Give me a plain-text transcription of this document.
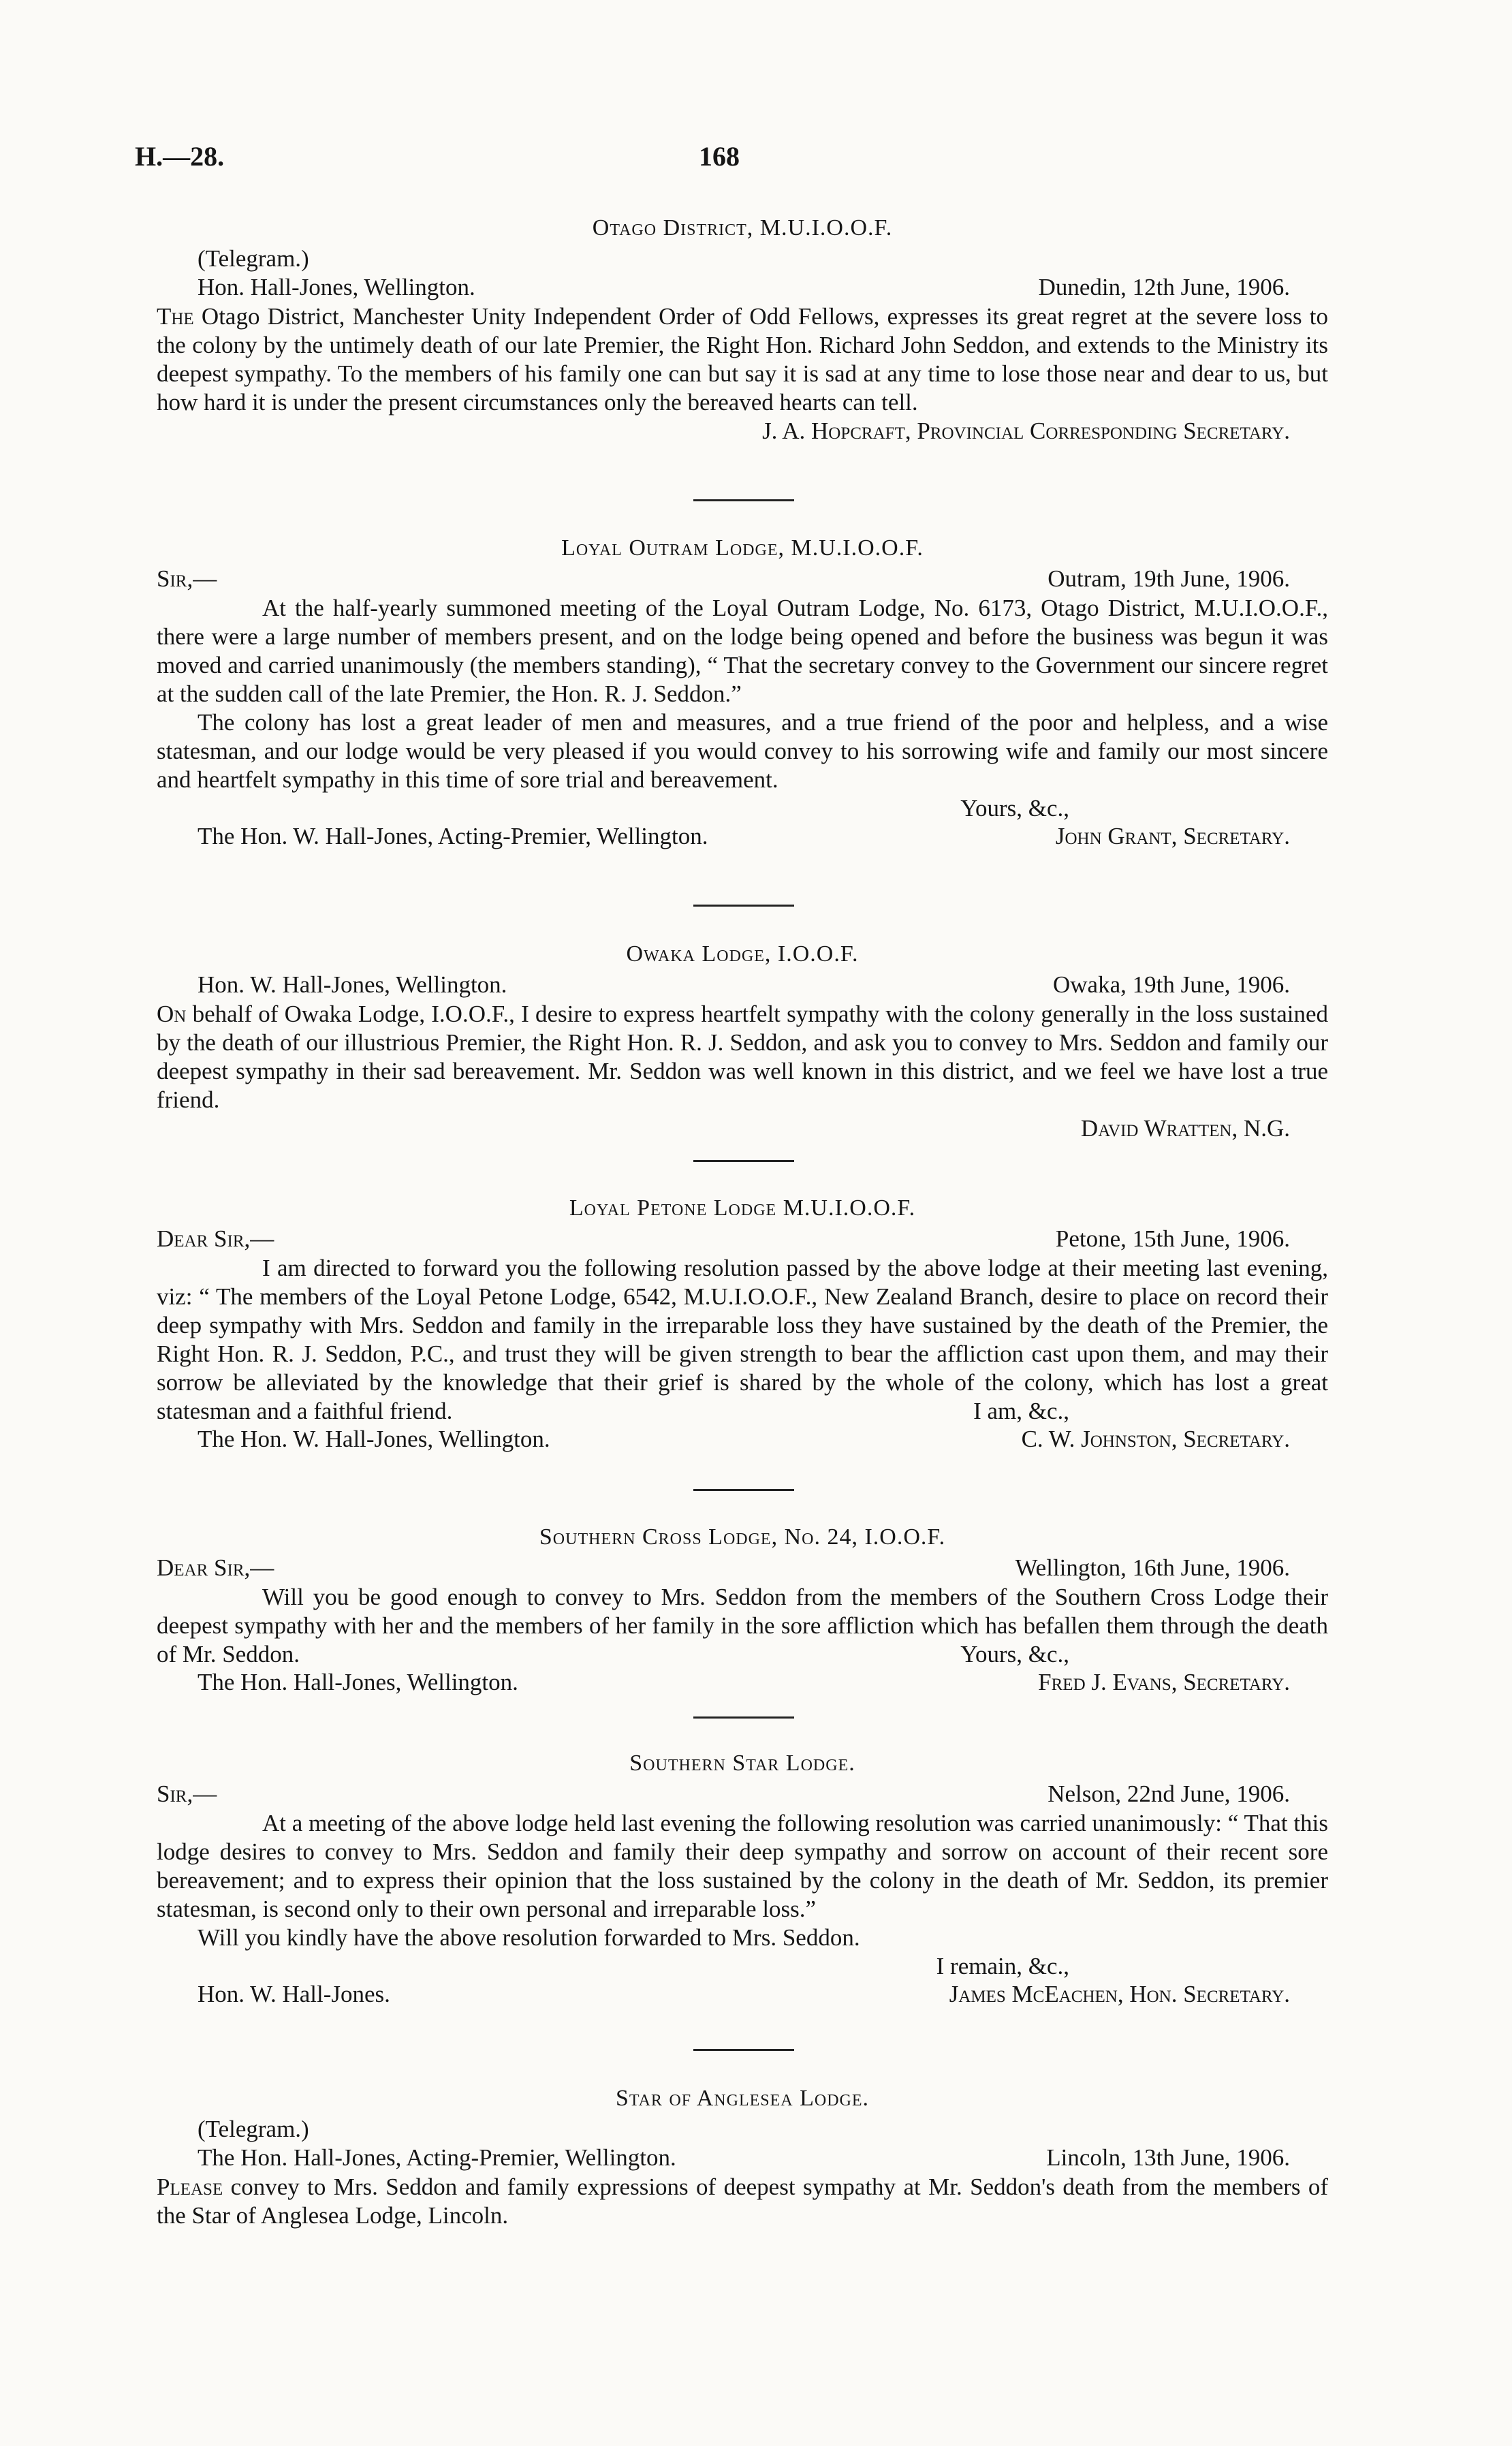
H.—28.	168
Otago District, M.U.I.O.O.F.
(Telegram.)
Hon. Hall-Jones, Wellington.	Dunedin, 12th June, 1906.
The Otago District, Manchester Unity Independent Order of Odd Fellows, expresses its great regret at the severe loss to the colony by the untimely death of our late Premier, the Right Hon. Richard John Seddon, and extends to the Ministry its deepest sympathy. To the members of his family one can but say it is sad at any time to lose those near and dear to us, but how hard it is under the present circumstances only the bereaved hearts can tell.
J. A. Hopcraft, Provincial Corresponding Secretary.
Loyal Outram Lodge, M.U.I.O.O.F.
Sir,—	Outram, 19th June, 1906.
At the half-yearly summoned meeting of the Loyal Outram Lodge, No. 6173, Otago District, M.U.I.O.O.F., there were a large number of members present, and on the lodge being opened and before the business was begun it was moved and carried unanimously (the members standing), “ That the secretary convey to the Government our sincere regret at the sudden call of the late Premier, the Hon. R. J. Seddon.”
The colony has lost a great leader of men and measures, and a true friend of the poor and helpless, and a wise statesman, and our lodge would be very pleased if you would convey to his sorrowing wife and family our most sincere and heartfelt sympathy in this time of sore trial and bereavement.
Yours, &c.,
The Hon. W. Hall-Jones, Acting-Premier, Wellington.	John Grant, Secretary.
Owaka Lodge, I.O.O.F.
Hon. W. Hall-Jones, Wellington.	Owaka, 19th June, 1906.
On behalf of Owaka Lodge, I.O.O.F., I desire to express heartfelt sympathy with the colony generally in the loss sustained by the death of our illustrious Premier, the Right Hon. R. J. Seddon, and ask you to convey to Mrs. Seddon and family our deepest sympathy in their sad bereavement. Mr. Seddon was well known in this district, and we feel we have lost a true friend.
David Wratten, N.G.
Loyal Petone Lodge M.U.I.O.O.F.
Dear Sir,—	Petone, 15th June, 1906.
I am directed to forward you the following resolution passed by the above lodge at their meeting last evening, viz: “ The members of the Loyal Petone Lodge, 6542, M.U.I.O.O.F., New Zealand Branch, desire to place on record their deep sympathy with Mrs. Seddon and family in the irreparable loss they have sustained by the death of the Premier, the Right Hon. R. J. Seddon, P.C., and trust they will be given strength to bear the affliction cast upon them, and may their sorrow be alleviated by the knowledge that their grief is shared by the whole of the colony, which has lost a great statesman and a faithful friend.	I am, &c.,
The Hon. W. Hall-Jones, Wellington.	C. W. Johnston, Secretary.
Southern Cross Lodge, No. 24, I.O.O.F.
Dear Sir,—	Wellington, 16th June, 1906.
Will you be good enough to convey to Mrs. Seddon from the members of the Southern Cross Lodge their deepest sympathy with her and the members of her family in the sore affliction which has befallen them through the death of Mr. Seddon.	Yours, &c.,
The Hon. Hall-Jones, Wellington.	Fred J. Evans, Secretary.
Southern Star Lodge.
Sir,—	Nelson, 22nd June, 1906.
At a meeting of the above lodge held last evening the following resolution was carried unanimously: “ That this lodge desires to convey to Mrs. Seddon and family their deep sympathy and sorrow on account of their recent sore bereavement; and to express their opinion that the loss sustained by the colony in the death of Mr. Seddon, its premier statesman, is second only to their own personal and irreparable loss.”
Will you kindly have the above resolution forwarded to Mrs. Seddon.
I remain, &c.,
Hon. W. Hall-Jones.	James McEachen, Hon. Secretary.
Star of Anglesea Lodge.
(Telegram.)
The Hon. Hall-Jones, Acting-Premier, Wellington.	Lincoln, 13th June, 1906.
Please convey to Mrs. Seddon and family expressions of deepest sympathy at Mr. Seddon's death from the members of the Star of Anglesea Lodge, Lincoln.
